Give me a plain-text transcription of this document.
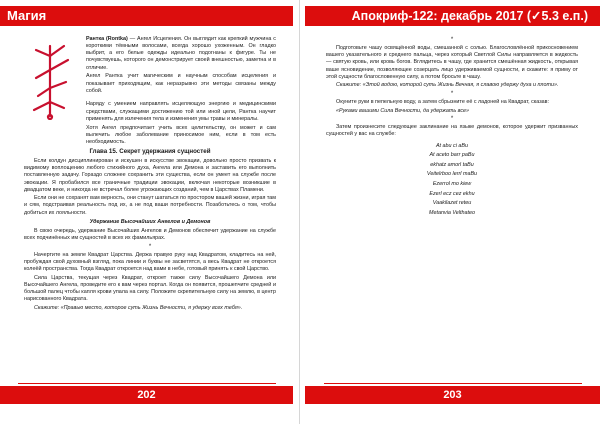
Магия

Рантка (Rontka) — Ангел Исцеления. Он выглядит как крепкий мужчина с короткими тёмными волосами, всегда хорошо ухоженным. Он гладко выбрит, а его белые одежды идеально подогнаны к фигуре. Ты не почувствуешь, которого он демонстрирует своей внешностью, заметна и в отличие.

Ангел Рантка учит магическим и научным способам исцеления и показывает приходящим, как неразрывно эти методы связаны между собой.

Наряду с умением направлять исцеляющую энергию и медицинскими средствами, служащими достижению той или иной цели, Рантка научит применять для излечения тела и изменения умы травы и минералы.

Хотя Ангел предпочитает учить всех целительству, он может и сам вылечить любое заболевание приносимое ним, если в том есть необходимость.

Глава 15. Секрет удержания сущностей

Если колдун дисциплинирован и искушен в искусстве эвокации, довольно просто призвать к видимому воплощению любого стихийного духа, Ангела или Демона и заставить его выполнить поставленную задачу. Гораздо сложнее сохранить эти существа, если он умеет на службе после эвокации. Я пробабился все граничные традиции эвокации, включая некоторые возникшие в двадцатом веке, и никогда не встречал более угрожающих созданий, чем в Царствах Пламени.

Если они не сохранят вам верность, они станут шататься по простором вашей жизни, играя там и сям, подстраивая реальность под их, а не под ваши потребности. Позаботьтесь о том, чтобы добиться их лояльности.

Удержание Высочайших Ангелов и Демонов

В свою очередь, удержание Высочайших Ангелов и Демонов обеспечит удержание на службе всех подчинённых им сущностей в всех их фамильярах.

*

Начертите на земле Квадрат Царства. Держа правую руку над Квадратом, кладитесь на ней, пробуждая свой духовный взгляд, пока линии и буквы не засветятся, а весь Квадрат не откроется колеёй пространства. Тогда Квадрат откроется над вами в небе, готовый принять к свой Царство.

Сила Царства, текущая через Квадрат, откроет также силу Высочайшего Демона или Высочайшего Ангела, проведите его к вам через портал. Когда он появится, прошепчите средней и большой палец чтобы капля крови упала на силу. Положите скрепительную силу на землю, в центр нарисованного Квадрата.

Скажите: «Правью место, которое суть Жизнь Вечности, я удержу всех тебя».

202
Апокриф-122: декабрь 2017 (✓5.3 е.п.)
*

Подготовьте чашу освящённой воды, смешанной с солью. Благословлённой прикосновением вашего указательного и среднего пальца, через который Светлой Силы направляется в жидкость — святую кровь, или кровь богов. Вглядитесь в чашу, где хранится смешённая жидкость, открывая ваше ясновидение, позволяющее созерцать лицо удерживаемой сущности, и скажите: я приму от этой сущности благословенную силу, а потом бросьте в чашу.

Скажите: «Этой водою, которой суть Жизнь Вечная, я славою удержу духа и плоти».

*

Окуните руки в пепельную воду, а затем сбрызните её с ладоней на Квадрат, сказав:

«Руками вашими Сила Вечности, да удержать все»

*

Затем произнесите следующее заклинание на языке демонов, которое удержит призванных сущностей у вас на службе:

At abu ci aBu
At aceto barr paBu
ekhatz amorl taBu
Veitelrboo lerrl maBu
Ezerrol mo kiew
Ezerl ecz cez ekhu
Vaakilazet reteu
Metanvia Velthateo
203
